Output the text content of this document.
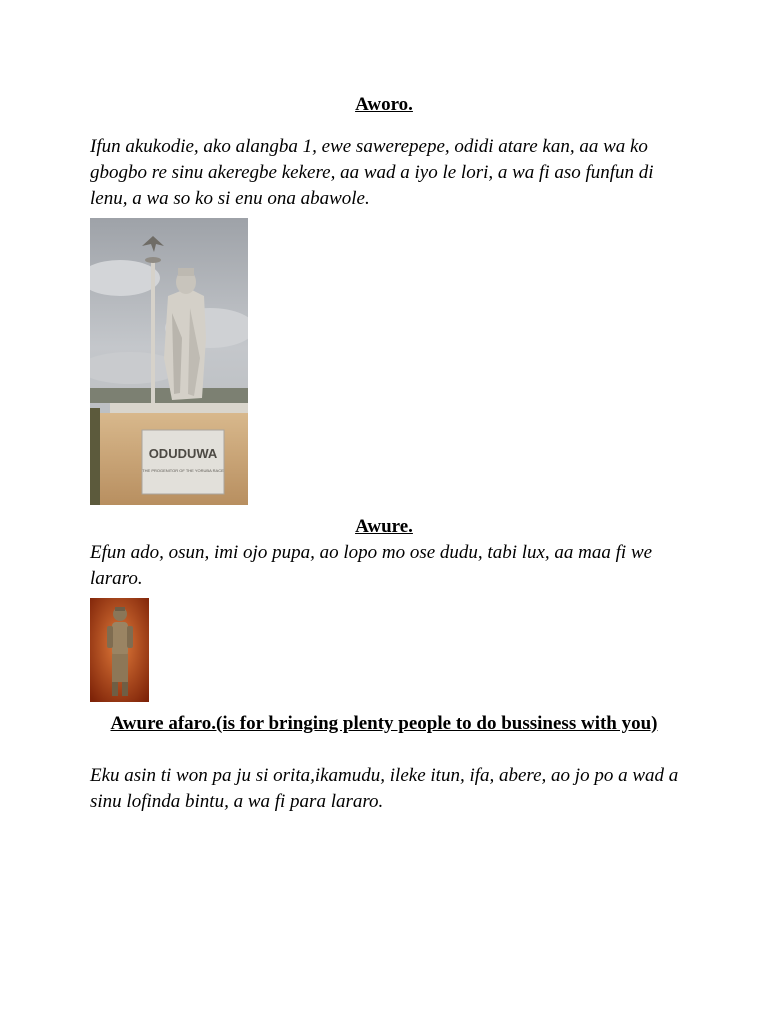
Aworo.

Ifun akukodie, ako alangba 1, ewe sawerepepe, odidi atare kan, aa wa ko gbogbo re sinu akeregbe kekere, aa wad a iyo le lori, a wa fi aso funfun di lenu, a wa so ko si enu ona abawole.

ODUDUWA
THE PROGENITOR OF THE YORUBA RACE
Awure.

Efun ado, osun, imi ojo pupa, ao lopo mo ose dudu, tabi lux, aa maa fi we lararo.

Awure afaro.(is for bringing plenty people to do bussiness with you)

Eku asin ti won pa ju si orita,ikamudu, ileke itun, ifa, abere, ao jo po a wad a sinu lofinda bintu, a wa fi para lararo.
